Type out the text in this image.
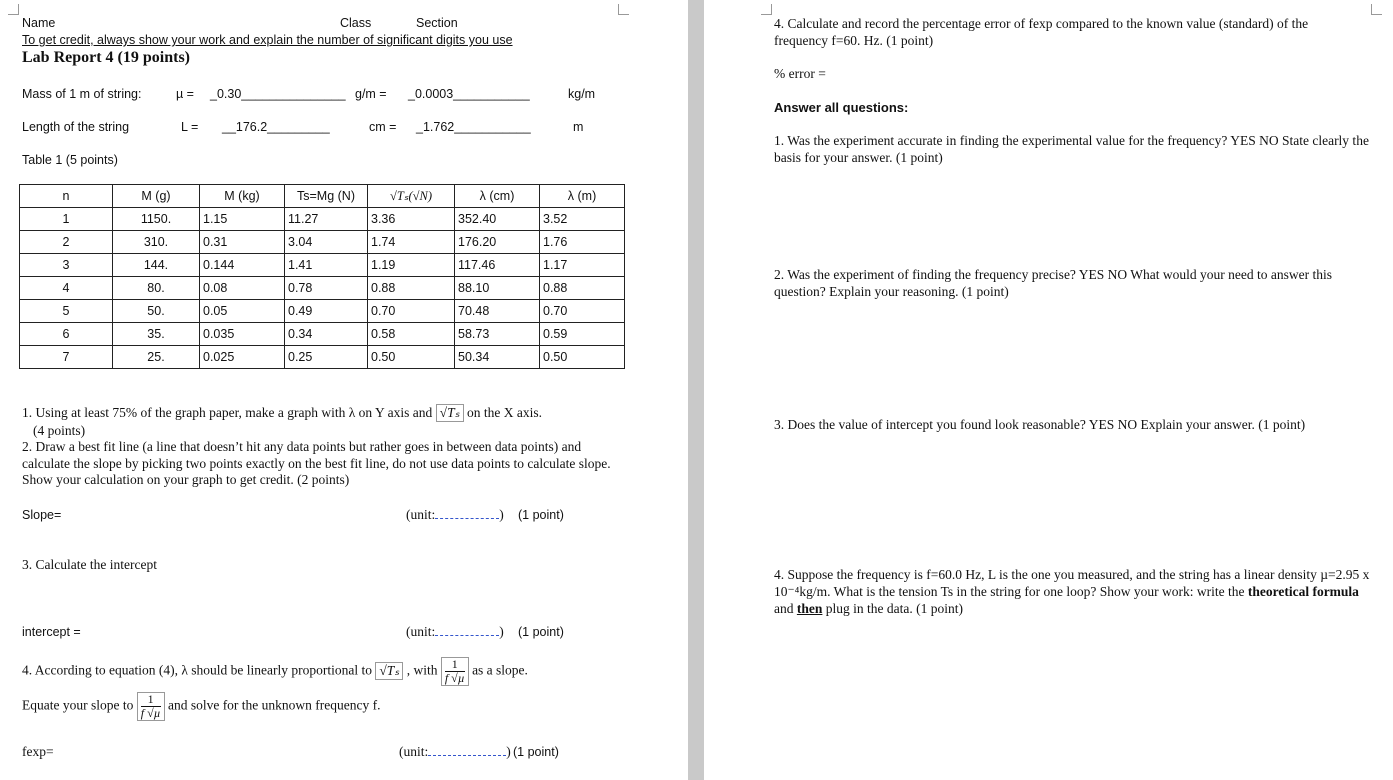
Name	Class	Section
To get credit, always show your work and explain the number of significant digits you use
Lab Report 4 (19 points)
Mass of 1 m of string:	µ = _0.30_______________ g/m = _0.0003___________	kg/m
Length of the string	L = __176.2_________	cm = _1.762___________	m
Table 1 (5 points)
n	M (g)	M (kg)	Ts=Mg (N)	√Tₛ(√N)	λ (cm)	λ (m)
1	1150.	1.15	11.27	3.36	352.40	3.52
2	310.	0.31	3.04	1.74	176.20	1.76
3	144.	0.144	1.41	1.19	117.46	1.17
4	80.	0.08	0.78	0.88	88.10	0.88
5	50.	0.05	0.49	0.70	70.48	0.70
6	35.	0.035	0.34	0.58	58.73	0.59
7	25.	0.025	0.25	0.50	50.34	0.50
1. Using at least 75% of the graph paper, make a graph with λ on Y axis and √Tₛ on the X axis.
(4 points)
2. Draw a best fit line (a line that doesn’t hit any data points but rather goes in between data points) and calculate the slope by picking two points exactly on the best fit line, do not use data points to calculate slope. Show your calculation on your graph to get credit. (2 points)
Slope=	(unit:	) (1 point)
3. Calculate the intercept
intercept =	(unit:	) (1 point)
4. According to equation (4), λ should be linearly proportional to √Tₛ , with $\frac{1}{\text{f √µ}}$ as a slope.
Equate your slope to $\frac{1}{\text{f √µ}}$ and solve for the unknown frequency f.
fexp=	(unit:	) (1 point)
4. Calculate and record the percentage error of fexp compared to the known value (standard) of the frequency f=60. Hz. (1 point)
% error =
Answer all questions:
1. Was the experiment accurate in finding the experimental value for the frequency? YES NO State clearly the basis for your answer. (1 point)
2. Was the experiment of finding the frequency precise? YES NO What would your need to answer this question? Explain your reasoning. (1 point)
3. Does the value of intercept you found look reasonable? YES NO Explain your answer. (1 point)
4. Suppose the frequency is f=60.0 Hz, L is the one you measured, and the string has a linear density µ=2.95 x 10⁻⁴kg/m. What is the tension Ts in the string for one loop? Show your work: write the theoretical formula and then plug in the data. (1 point)
